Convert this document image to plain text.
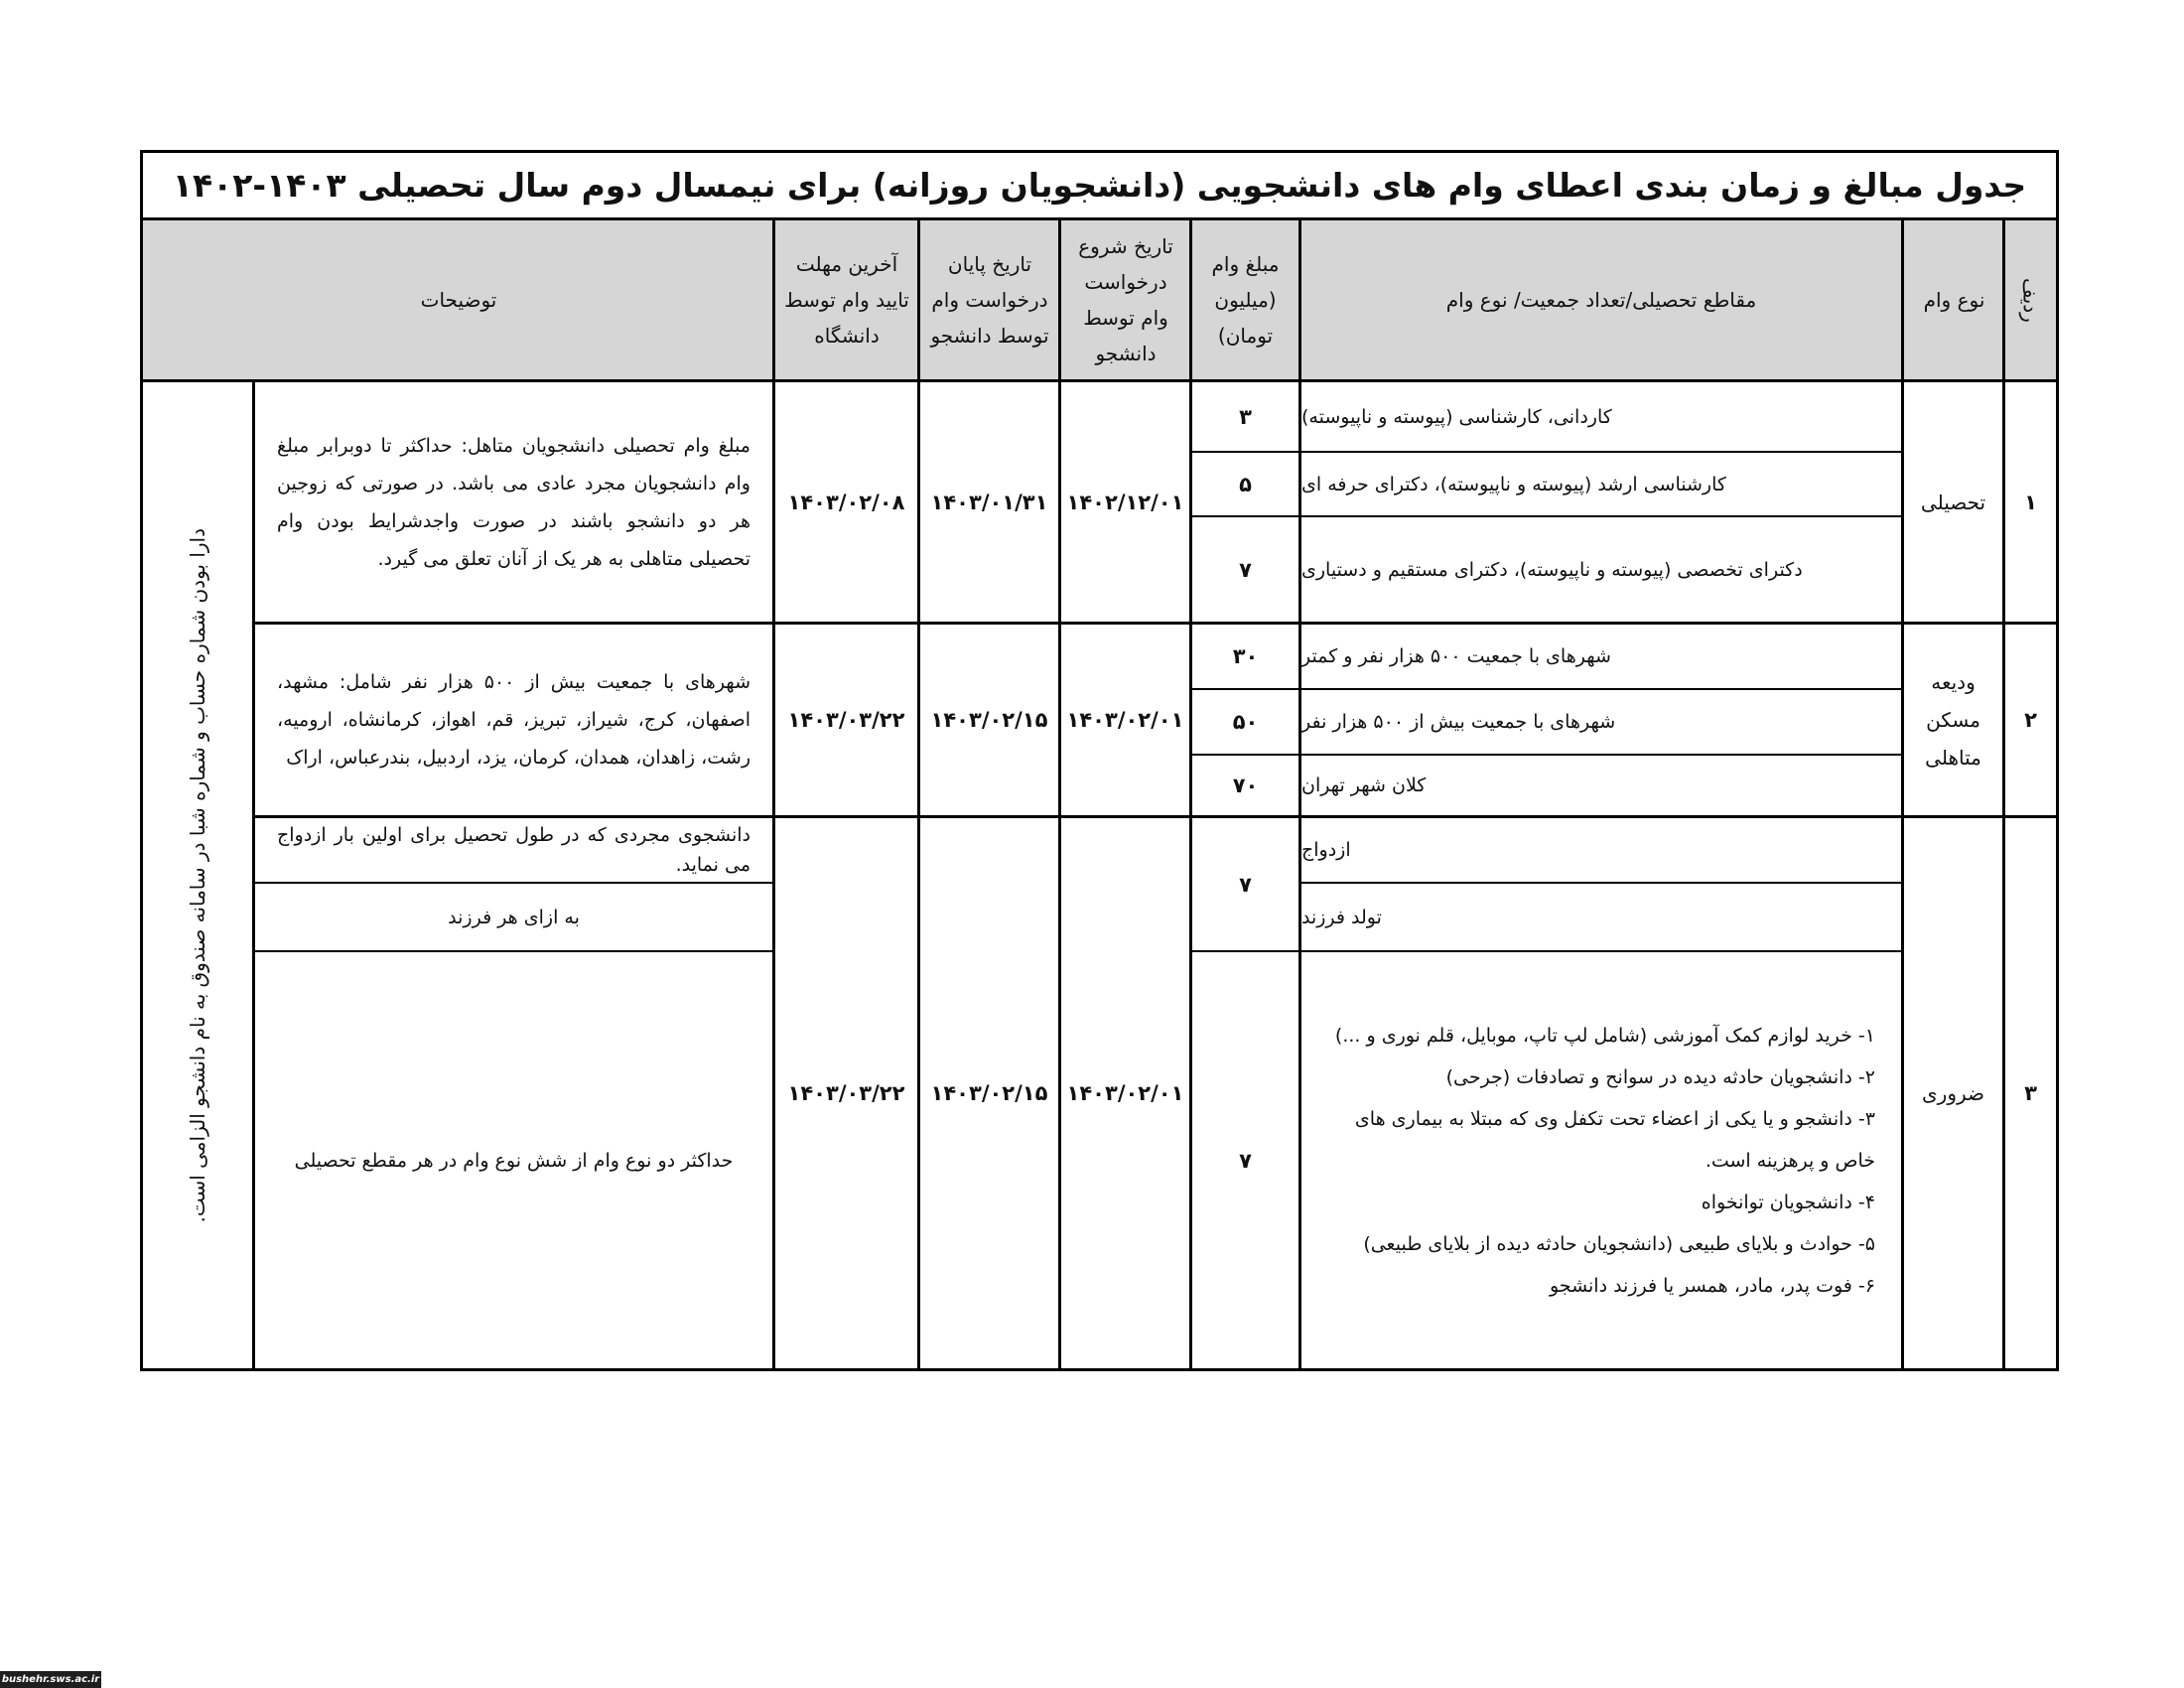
جدول مبالغ و زمان بندی اعطای وام های دانشجویی (دانشجویان روزانه) برای نیمسال دوم سال تحصیلی ۱۴۰۳-۱۴۰۲
ردیف
نوع وام
مقاطع تحصیلی/تعداد جمعیت/ نوع وام
مبلغ وام (میلیون تومان)
تاریخ شروع درخواست وام توسط دانشجو
تاریخ پایان درخواست وام توسط دانشجو
آخرین مهلت تایید وام توسط دانشگاه
توضیحات
دارا بودن شماره حساب و شماره شبا در سامانه صندوق به نام دانشجو الزامی است.
۱
تحصیلی
کاردانی، کارشناسی (پیوسته و ناپیوسته)
کارشناسی ارشد (پیوسته و ناپیوسته)، دکترای حرفه ای
دکترای تخصصی (پیوسته و ناپیوسته)، دکترای مستقیم و دستیاری
۳
۵
۷
۱۴۰۲/۱۲/۰۱
۱۴۰۳/۰۱/۳۱
۱۴۰۳/۰۲/۰۸
مبلغ وام تحصیلی دانشجویان متاهل: حداکثر تا دوبرابر مبلغ وام دانشجویان مجرد عادی می باشد. در صورتی که زوجین هر دو دانشجو باشند در صورت واجدشرایط بودن وام تحصیلی متاهلی به هر یک از آنان تعلق می گیرد.
۲
ودیعه مسکن متاهلی
شهرهای با جمعیت ۵۰۰ هزار نفر و کمتر
شهرهای با جمعیت بیش از ۵۰۰ هزار نفر
کلان شهر تهران
۳۰
۵۰
۷۰
۱۴۰۳/۰۲/۰۱
۱۴۰۳/۰۲/۱۵
۱۴۰۳/۰۳/۲۲
شهرهای با جمعیت بیش از ۵۰۰ هزار نفر شامل: مشهد، اصفهان، کرج، شیراز، تبریز، قم، اهواز، کرمانشاه، ارومیه، رشت، زاهدان، همدان، کرمان، یزد، اردبیل، بندرعباس، اراک
۳
ضروری
ازدواج
تولد فرزند
۱- خرید لوازم کمک آموزشی (شامل لپ تاپ، موبایل، قلم نوری و ...)
۲- دانشجویان حادثه دیده در سوانح و تصادفات (جرحی)
۳- دانشجو و یا یکی از اعضاء تحت تکفل وی که مبتلا به بیماری های
خاص و پرهزینه است.
۴- دانشجویان توانخواه
۵- حوادث و بلایای طبیعی (دانشجویان حادثه دیده از بلایای طبیعی)
۶- فوت پدر، مادر، همسر یا فرزند دانشجو
۷
۷
۱۴۰۳/۰۲/۰۱
۱۴۰۳/۰۲/۱۵
۱۴۰۳/۰۳/۲۲
دانشجوی مجردی که در طول تحصیل برای اولین بار ازدواج می نماید.
به ازای هر فرزند
حداکثر دو نوع وام از شش نوع وام در هر مقطع تحصیلی
bushehr.sws.ac.ir
